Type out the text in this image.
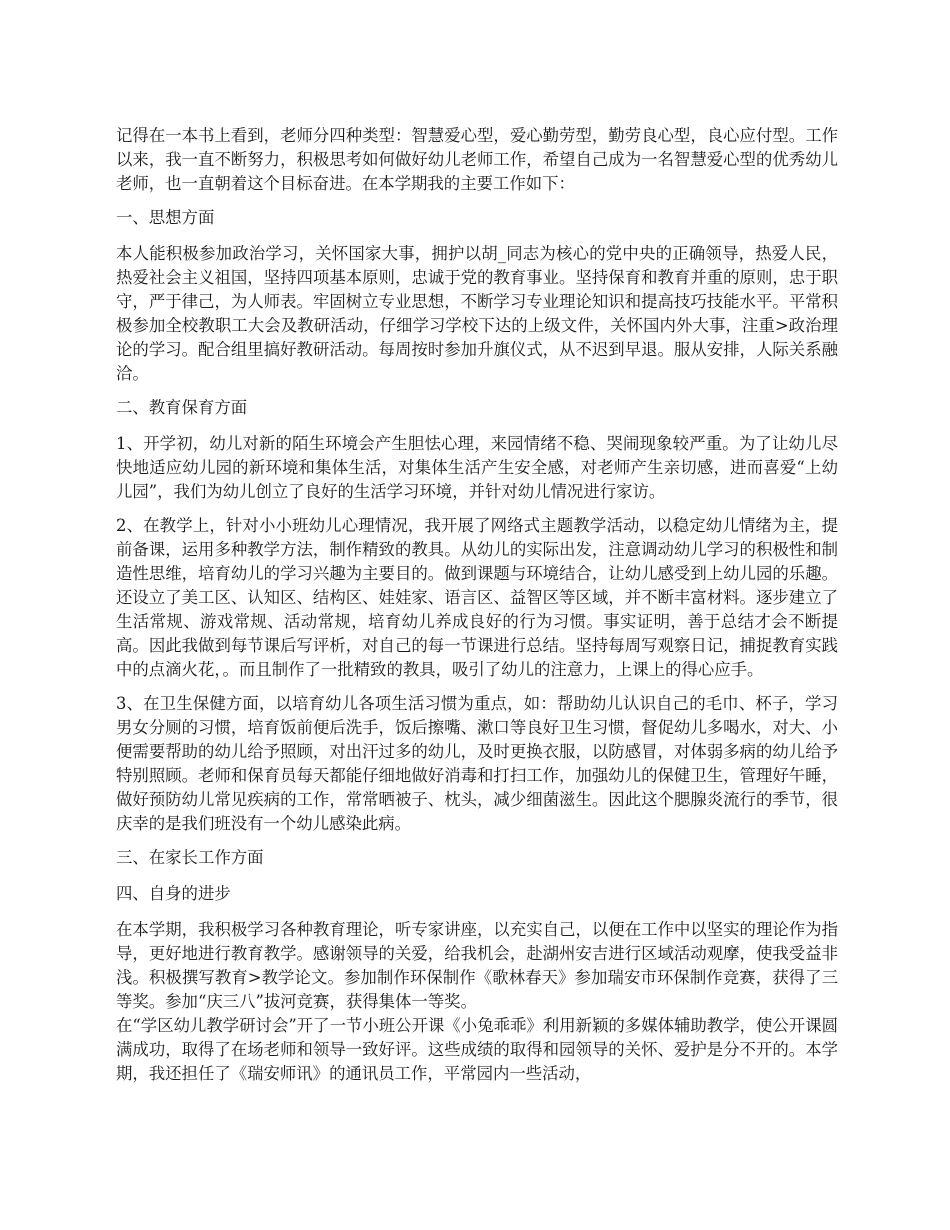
记得在一本书上看到，老师分四种类型：智慧爱心型，爱心勤劳型，勤劳良心型，良心应付型。工作以来，我一直不断努力，积极思考如何做好幼儿老师工作，希望自己成为一名智慧爱心型的优秀幼儿老师，也一直朝着这个目标奋进。在本学期我的主要工作如下：

一、思想方面

本人能积极参加政治学习，关怀国家大事，拥护以胡_同志为核心的党中央的正确领导，热爱人民，热爱社会主义祖国，坚持四项基本原则，忠诚于党的教育事业。坚持保育和教育并重的原则，忠于职守，严于律己，为人师表。牢固树立专业思想，不断学习专业理论知识和提高技巧技能水平。平常积极参加全校教职工大会及教研活动，仔细学习学校下达的上级文件，关怀国内外大事，注重>政治理论的学习。配合组里搞好教研活动。每周按时参加升旗仪式，从不迟到早退。服从安排，人际关系融洽。

二、教育保育方面

1、开学初，幼儿对新的陌生环境会产生胆怯心理，来园情绪不稳、哭闹现象较严重。为了让幼儿尽快地适应幼儿园的新环境和集体生活，对集体生活产生安全感，对老师产生亲切感，进而喜爱“上幼儿园”，我们为幼儿创立了良好的生活学习环境，并针对幼儿情况进行家访。

2、在教学上，针对小小班幼儿心理情况，我开展了网络式主题教学活动，以稳定幼儿情绪为主，提前备课，运用多种教学方法，制作精致的教具。从幼儿的实际出发，注意调动幼儿学习的积极性和制造性思维，培育幼儿的学习兴趣为主要目的。做到课题与环境结合，让幼儿感受到上幼儿园的乐趣。还设立了美工区、认知区、结构区、娃娃家、语言区、益智区等区域，并不断丰富材料。逐步建立了生活常规、游戏常规、活动常规，培育幼儿养成良好的行为习惯。事实证明，善于总结才会不断提高。因此我做到每节课后写评析，对自己的每一节课进行总结。坚持每周写观察日记，捕捉教育实践中的点滴火花，。而且制作了一批精致的教具，吸引了幼儿的注意力，上课上的得心应手。

3、在卫生保健方面，以培育幼儿各项生活习惯为重点，如：帮助幼儿认识自己的毛巾、杯子，学习男女分厕的习惯，培育饭前便后洗手，饭后擦嘴、漱口等良好卫生习惯，督促幼儿多喝水，对大、小便需要帮助的幼儿给予照顾，对出汗过多的幼儿，及时更换衣服，以防感冒，对体弱多病的幼儿给予特别照顾。老师和保育员每天都能仔细地做好消毒和打扫工作，加强幼儿的保健卫生，管理好午睡，做好预防幼儿常见疾病的工作，常常晒被子、枕头，减少细菌滋生。因此这个腮腺炎流行的季节，很庆幸的是我们班没有一个幼儿感染此病。

三、在家长工作方面

四、自身的进步

在本学期，我积极学习各种教育理论，听专家讲座，以充实自己，以便在工作中以坚实的理论作为指导，更好地进行教育教学。感谢领导的关爱，给我机会，赴湖州安吉进行区域活动观摩，使我受益非浅。积极撰写教育>教学论文。参加制作环保制作《歌林春天》参加瑞安市环保制作竞赛，获得了三等奖。参加“庆三八”拔河竞赛，获得集体一等奖。

在“学区幼儿教学研讨会”开了一节小班公开课《小兔乖乖》利用新颖的多媒体辅助教学，使公开课圆满成功，取得了在场老师和领导一致好评。这些成绩的取得和园领导的关怀、爱护是分不开的。本学期，我还担任了《瑞安师讯》的通讯员工作，平常园内一些活动，
